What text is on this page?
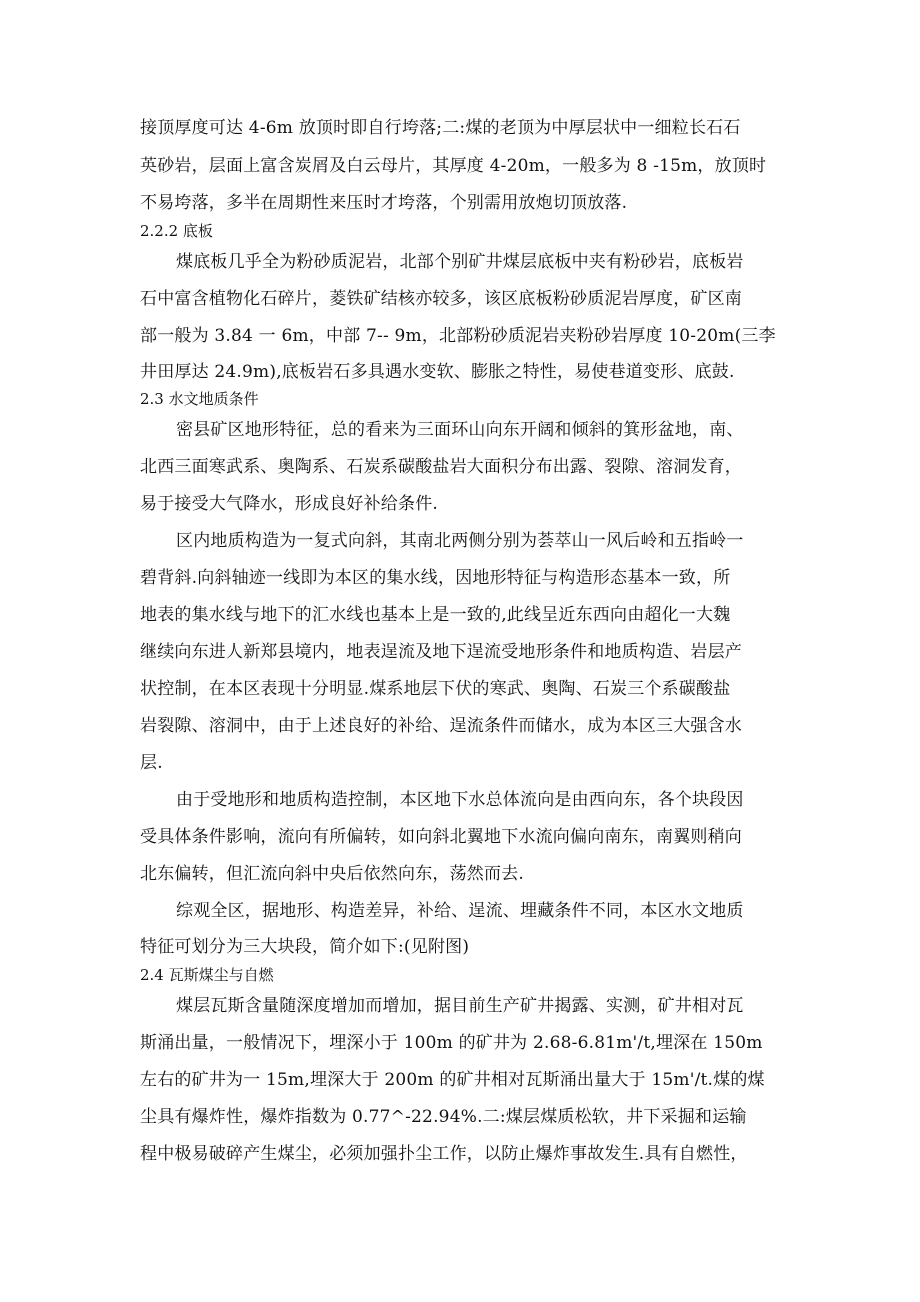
接顶厚度可达 4-6m 放顶时即自行垮落;二:煤的老顶为中厚层状中一细粒长石石
英砂岩，层面上富含炭屑及白云母片，其厚度 4-20m，一般多为 8 -15m，放顶时
不易垮落，多半在周期性来压时才垮落，个别需用放炮切顶放落.
2.2.2 底板
煤底板几乎全为粉砂质泥岩，北部个别矿井煤层底板中夹有粉砂岩，底板岩
石中富含植物化石碎片，菱铁矿结核亦较多，该区底板粉砂质泥岩厚度，矿区南
部一般为 3.84 一 6m，中部 7-- 9m，北部粉砂质泥岩夹粉砂岩厚度 10-20m(三李
井田厚达 24.9m),底板岩石多具遇水变软、膨胀之特性，易使巷道变形、底鼓.
2.3 水文地质条件
密县矿区地形特征，总的看来为三面环山向东开阔和倾斜的箕形盆地，南、
北西三面寒武系、奥陶系、石炭系碳酸盐岩大面积分布出露、裂隙、溶洞发育，
易于接受大气降水，形成良好补给条件.
区内地质构造为一复式向斜，其南北两侧分别为荟萃山一风后岭和五指岭一
碧背斜.向斜轴迹一线即为本区的集水线，因地形特征与构造形态基本一致，所
地表的集水线与地下的汇水线也基本上是一致的,此线呈近东西向由超化一大魏
继续向东进人新郑县境内，地表逞流及地下逞流受地形条件和地质构造、岩层产
状控制，在本区表现十分明显.煤系地层下伏的寒武、奥陶、石炭三个系碳酸盐
岩裂隙、溶洞中，由于上述良好的补给、逞流条件而储水，成为本区三大强含水
层.
由于受地形和地质构造控制，本区地下水总体流向是由西向东，各个块段因
受具体条件影响，流向有所偏转，如向斜北翼地下水流向偏向南东，南翼则稍向
北东偏转，但汇流向斜中央后依然向东，荡然而去.
综观全区，据地形、构造差异，补给、逞流、埋藏条件不同，本区水文地质
特征可划分为三大块段，简介如下:(见附图)
2.4 瓦斯煤尘与自燃
煤层瓦斯含量随深度增加而增加，据目前生产矿井揭露、实测，矿井相对瓦
斯涌出量，一般情况下，埋深小于 100m 的矿井为 2.68-6.81m'/t,埋深在 150m
左右的矿井为一 15m,埋深大于 200m 的矿井相对瓦斯涌出量大于 15m'/t.煤的煤
尘具有爆炸性，爆炸指数为 0.77^-22.94%.二:煤层煤质松软，井下采掘和运输
程中极易破碎产生煤尘，必须加强扑尘工作，以防止爆炸事故发生.具有自燃性，
